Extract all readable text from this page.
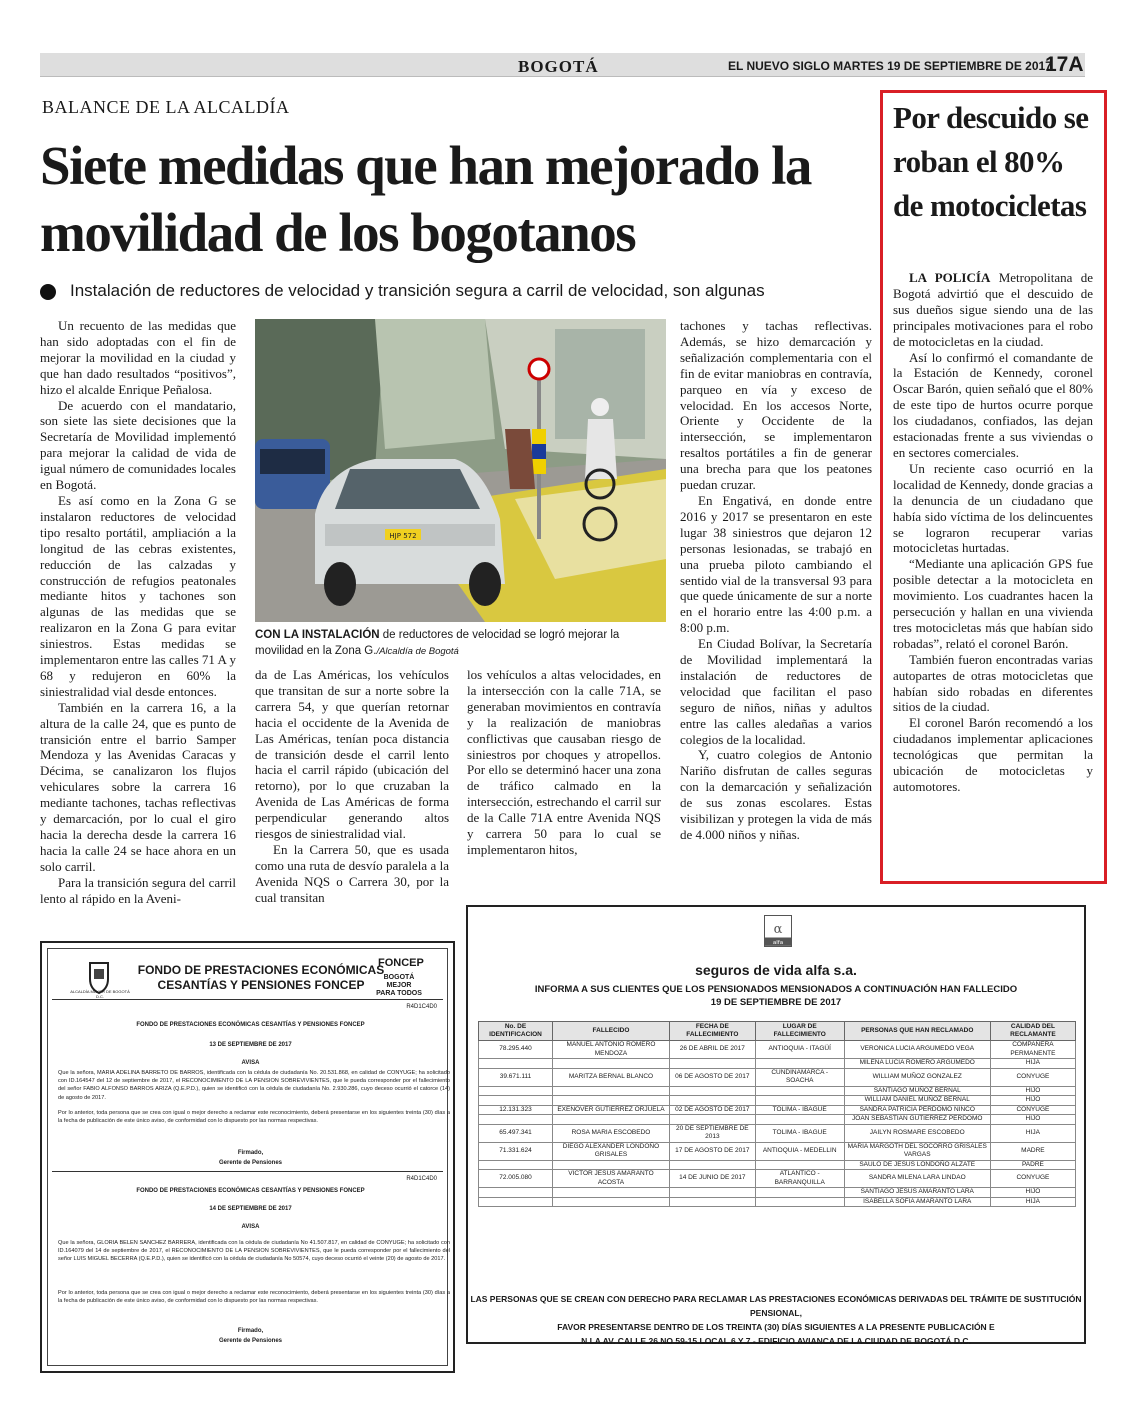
BOGOTÁ	EL NUEVO SIGLO MARTES 19 DE SEPTIEMBRE DE 2017
17A
BALANCE DE LA ALCALDÍA
Siete medidas que han mejorado la movilidad de los bogotanos
Instalación de reductores de velocidad y transición segura a carril de velocidad, son algunas

Un recuento de las medidas que han sido adoptadas con el fin de mejorar la movilidad en la ciudad y que han dado resultados “positivos”, hizo el alcalde Enrique Peñalosa.

De acuerdo con el mandatario, son siete las siete decisiones que la Secretaría de Movilidad implementó para mejorar la calidad de vida de igual número de comunidades locales en Bogotá.

Es así como en la Zona G se instalaron reductores de velocidad tipo resalto portátil, ampliación a la longitud de las cebras existentes, reducción de las calzadas y construcción de refugios peatonales mediante hitos y tachones son algunas de las medidas que se realizaron en la Zona G para evitar siniestros. Estas medidas se implementaron entre las calles 71 A y 68 y redujeron en 60% la siniestralidad vial desde entonces.

También en la carrera 16, a la altura de la calle 24, que es punto de transición entre el barrio Samper Mendoza y las Avenidas Caracas y Décima, se canalizaron los flujos vehiculares sobre la carrera 16 mediante tachones, tachas reflectivas y demarcación, por lo cual el giro hacia la derecha desde la carrera 16 hacia la calle 24 se hace ahora en un solo carril.

Para la transición segura del carril lento al rápido en la Aveni-

HJP 572
CON LA INSTALACIÓN de reductores de velocidad se logró mejorar la movilidad en la Zona G./Alcaldía de Bogotá

da de Las Américas, los vehículos que transitan de sur a norte sobre la carrera 54, y que querían retornar hacia el occidente de la Avenida de Las Américas, tenían poca distancia de transición desde el carril lento hacia el carril rápido (ubicación del retorno), por lo que cruzaban la Avenida de Las Américas de forma perpendicular generando altos riesgos de siniestralidad vial.

En la Carrera 50, que es usada como una ruta de desvío paralela a la Avenida NQS o Carrera 30, por la cual transitan

los vehículos a altas velocidades, en la intersección con la calle 71A, se generaban movimientos en contravía y la realización de maniobras conflictivas que causaban riesgo de siniestros por choques y atropellos. Por ello se determinó hacer una zona de tráfico calmado en la intersección, estrechando el carril sur de la Calle 71A entre Avenida NQS y carrera 50 para lo cual se implementaron hitos,

tachones y tachas reflectivas. Además, se hizo demarcación y señalización complementaria con el fin de evitar maniobras en contravía, parqueo en vía y exceso de velocidad. En los accesos Norte, Oriente y Occidente de la intersección, se implementaron resaltos portátiles a fin de generar una brecha para que los peatones puedan cruzar.

En Engativá, en donde entre 2016 y 2017 se presentaron en este lugar 38 siniestros que dejaron 12 personas lesionadas, se trabajó en una prueba piloto cambiando el sentido vial de la transversal 93 para que quede únicamente de sur a norte en el horario entre las 4:00 p.m. a 8:00 p.m.

En Ciudad Bolívar, la Secretaría de Movilidad implementará la instalación de reductores de velocidad que facilitan el paso seguro de niños, niñas y adultos entre las calles aledañas a varios colegios de la localidad.

Y, cuatro colegios de Antonio Nariño disfrutan de calles seguras con la demarcación y señalización de sus zonas escolares. Estas visibilizan y protegen la vida de más de 4.000 niños y niñas.

Por descuido se roban el 80% de motocicletas

LA POLICÍA Metropolitana de Bogotá advirtió que el descuido de sus dueños sigue siendo una de las principales motivaciones para el robo de motocicletas en la ciudad.

Así lo confirmó el comandante de la Estación de Kennedy, coronel Oscar Barón, quien señaló que el 80% de este tipo de hurtos ocurre porque los ciudadanos, confiados, las dejan estacionadas frente a sus viviendas o en sectores comerciales.

Un reciente caso ocurrió en la localidad de Kennedy, donde gracias a la denuncia de un ciudadano que había sido víctima de los delincuentes se lograron recuperar varias motocicletas hurtadas.

“Mediante una aplicación GPS fue posible detectar a la motocicleta en movimiento. Los cuadrantes hacen la persecución y hallan en una vivienda tres motocicletas más que habían sido robadas”, relató el coronel Barón.

También fueron encontradas varias autopartes de otras motocicletas que habían sido robadas en diferentes sitios de la ciudad.

El coronel Barón recomendó a los ciudadanos implementar aplicaciones tecnológicas que permitan la ubicación de motocicletas y automotores.

ALCALDÍA MAYOR DE BOGOTÁ D.C.
FONDO DE PRESTACIONES ECONÓMICAS
CESANTÍAS Y PENSIONES FONCEP
FONCEP
BOGOTÁ MEJOR PARA TODOS
R4D1C4D0
FONDO DE PRESTACIONES ECONÓMICAS CESANTÍAS Y PENSIONES FONCEP
13 DE SEPTIEMBRE DE 2017
AVISA
Que la señora, MARIA ADELINA BARRETO DE BARROS, identificada con la cédula de ciudadanía No. 20.531.868, en calidad de CONYUGE; ha solicitado con ID.164547 del 12 de septiembre de 2017, el RECONOCIMIENTO DE LA PENSION SOBREVIVIENTES, que le pueda corresponder por el fallecimiento del señor FABIO ALFONSO BARROS ARIZA (Q.E.P.D.), quien se identificó con la cédula de ciudadanía No. 2.930.286, cuyo deceso ocurrió el catorce (14) de agosto de 2017.
Por lo anterior, toda persona que se crea con igual o mejor derecho a reclamar este reconocimiento, deberá presentarse en los siguientes treinta (30) días a la fecha de publicación de este único aviso, de conformidad con lo dispuesto por las normas respectivas.
Firmado,
Gerente de Pensiones
R4D1C4D0
FONDO DE PRESTACIONES ECONÓMICAS CESANTÍAS Y PENSIONES FONCEP
14 DE SEPTIEMBRE DE 2017
AVISA
Que la señora, GLORIA BELEN SANCHEZ BARRERA, identificada con la cédula de ciudadanía No 41.507.817, en calidad de CONYUGE; ha solicitado con ID.164079 del 14 de septiembre de 2017, el RECONOCIMIENTO DE LA PENSION SOBREVIVIENTES, que le pueda corresponder por el fallecimiento del señor LUIS MIGUEL BECERRA (Q.E.P.D.), quien se identificó con la cédula de ciudadanía No 50574, cuyo deceso ocurrió el veinte (20) de agosto de 2017.
Por lo anterior, toda persona que se crea con igual o mejor derecho a reclamar este reconocimiento, deberá presentarse en los siguientes treinta (30) días a la fecha de publicación de este único aviso, de conformidad con lo dispuesto por las normas respectivas.
Firmado,
Gerente de Pensiones
α
alfa
seguros de vida alfa s.a.
INFORMA A SUS CLIENTES QUE LOS PENSIONADOS MENSIONADOS A CONTINUACIÓN HAN FALLECIDO
19 DE SEPTIEMBRE DE 2017
No. DE IDENTIFICACION	FALLECIDO	FECHA DE FALLECIMIENTO	LUGAR DE FALLECIMIENTO	PERSONAS QUE HAN RECLAMADO	CALIDAD DEL RECLAMANTE
78.295.440	MANUEL ANTONIO ROMERO MENDOZA	26 DE ABRIL DE 2017	ANTIOQUIA - ITAGÜÍ	VERONICA LUCIA ARGUMEDO VEGA	COMPAÑERA PERMANENTE
				MILENA LUCIA ROMERO ARGUMEDO	HIJA
39.671.111	MARITZA BERNAL BLANCO	06 DE AGOSTO DE 2017	CUNDINAMARCA - SOACHA	WILLIAM MUÑOZ GONZALEZ	CONYUGE
				SANTIAGO MUÑOZ BERNAL	HIJO
				WILLIAM DANIEL MUÑOZ BERNAL	HIJO
12.131.323	EXENOVER GUTIERREZ ORJUELA	02 DE AGOSTO DE 2017	TOLIMA - IBAGUE	SANDRA PATRICIA PERDOMO NINCO	CONYUGE
				JOAN SEBASTIAN GUTIERREZ PERDOMO	HIJO
65.497.341	ROSA MARIA ESCOBEDO	20 DE SEPTIEMBRE DE 2013	TOLIMA - IBAGUE	JAILYN ROSMARE ESCOBEDO	HIJA
71.331.624	DIEGO ALEXANDER LONDOÑO GRISALES	17 DE AGOSTO DE 2017	ANTIOQUIA - MEDELLIN	MARIA MARGOTH DEL SOCORRO GRISALES VARGAS	MADRE
				SAULO DE JESUS LONDOÑO ALZATE	PADRE
72.005.080	VICTOR JESUS AMARANTO ACOSTA	14 DE JUNIO DE 2017	ATLANTICO - BARRANQUILLA	SANDRA MILENA LARA LINDAO	CONYUGE
				SANTIAGO JESUS AMARANTO LARA	HIJO
				ISABELLA SOFIA AMARANTO LARA	HIJA
LAS PERSONAS QUE SE CREAN CON DERECHO PARA RECLAMAR LAS PRESTACIONES ECONÓMICAS DERIVADAS DEL TRÁMITE DE SUSTITUCIÓN PENSIONAL,
FAVOR PRESENTARSE DENTRO DE LOS TREINTA (30) DÍAS SIGUIENTES A LA PRESENTE PUBLICACIÓN E
N LA AV. CALLE 26 NO 59-15 LOCAL 6 Y 7 - EDIFICIO AVIANCA DE LA CIUDAD DE BOGOTÁ D.C.
